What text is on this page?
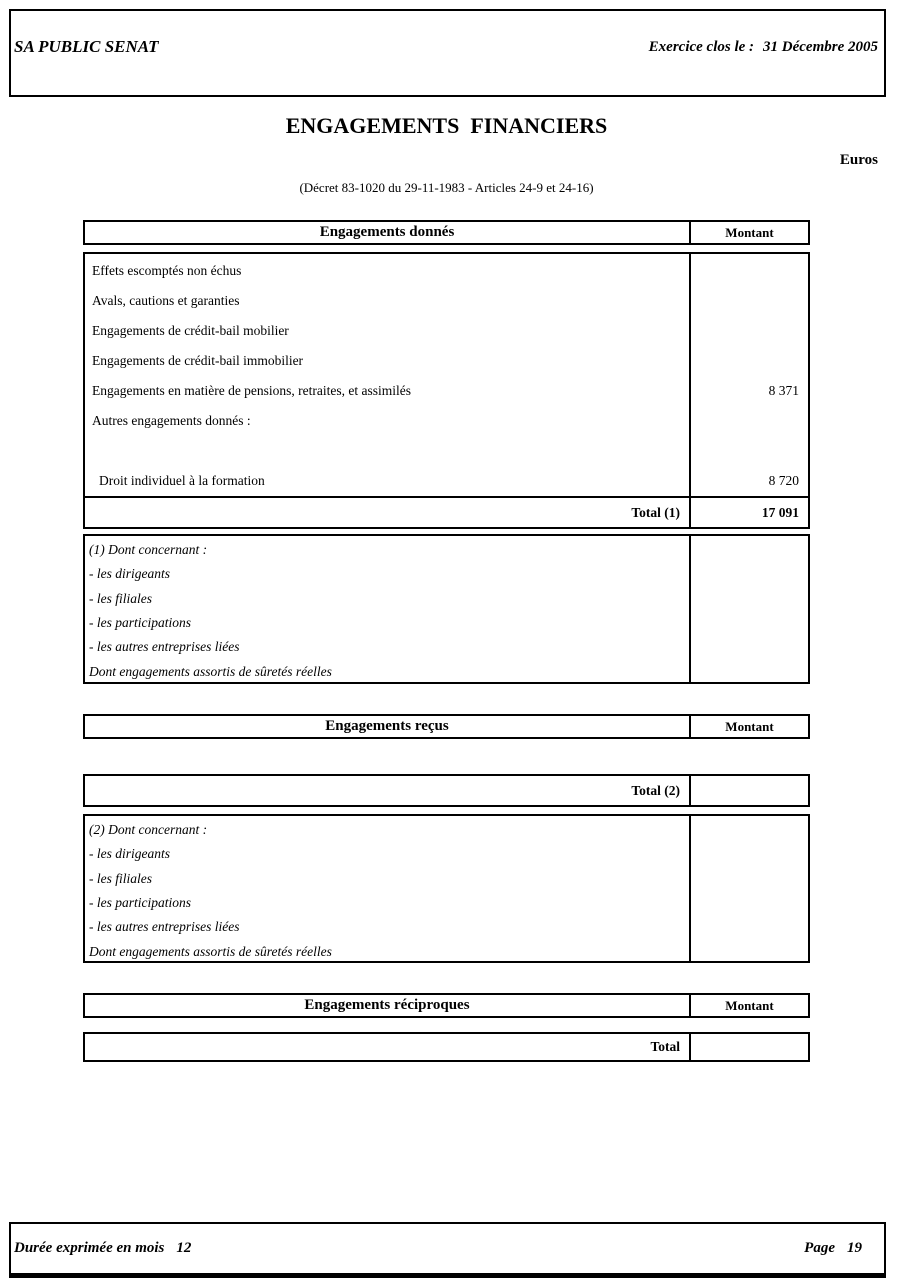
SA PUBLIC SENAT	Exercice clos le : 31 Décembre 2005
ENGAGEMENTS  FINANCIERS
Euros
(Décret 83-1020 du 29-11-1983 - Articles 24-9 et 24-16)
Engagements donnés	Montant
Effets escomptés non échus
Avals, cautions et garanties
Engagements de crédit-bail mobilier
Engagements de crédit-bail immobilier
Engagements en matière de pensions, retraites, et assimilés	8 371
Autres engagements donnés :
Droit individuel à la formation	8 720
Total (1)	17 091
(1) Dont concernant :
- les dirigeants
- les filiales
- les participations
- les autres entreprises liées
Dont engagements assortis de sûretés réelles
Engagements reçus	Montant
Total (2)
(2) Dont concernant :
- les dirigeants
- les filiales
- les participations
- les autres entreprises liées
Dont engagements assortis de sûretés réelles
Engagements réciproques	Montant
Total
Durée exprimée en mois 12	Page 19
